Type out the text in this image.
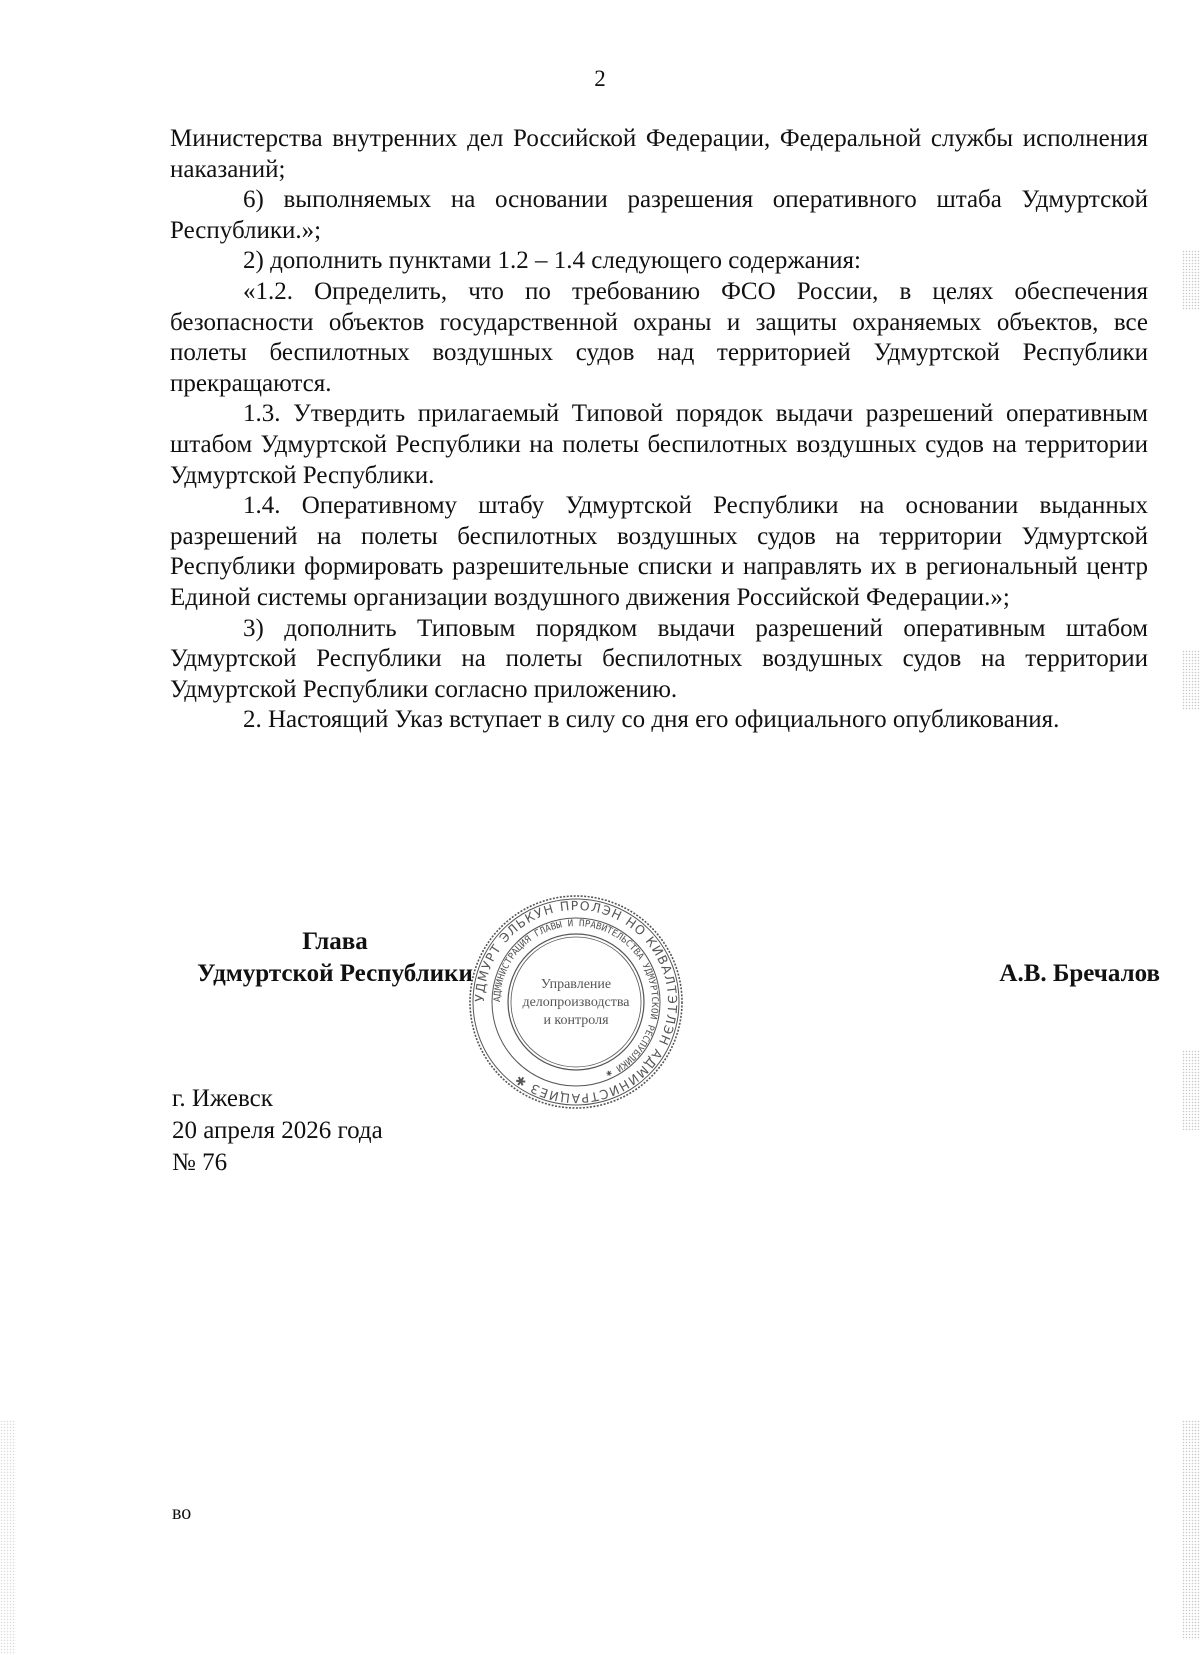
2

Министерства внутренних дел Российской Федерации, Федеральной службы исполнения наказаний;

6) выполняемых на основании разрешения оперативного штаба Удмуртской Республики.»;

2) дополнить пунктами 1.2 – 1.4 следующего содержания:

«1.2. Определить, что по требованию ФСО России, в целях обеспечения безопасности объектов государственной охраны и защиты охраняемых объектов, все полеты беспилотных воздушных судов над территорией Удмуртской Республики прекращаются.

1.3. Утвердить прилагаемый Типовой порядок выдачи разрешений оперативным штабом Удмуртской Республики на полеты беспилотных воздушных судов на территории Удмуртской Республики.

1.4. Оперативному штабу Удмуртской Республики на основании выданных разрешений на полеты беспилотных воздушных судов на территории Удмуртской Республики формировать разрешительные списки и направлять их в региональный центр Единой системы организации воздушного движения Российской Федерации.»;

3) дополнить Типовым порядком выдачи разрешений оперативным штабом Удмуртской Республики на полеты беспилотных воздушных судов на территории Удмуртской Республики согласно приложению.

2. Настоящий Указ вступает в силу со дня его официального опубликования.

Глава
Удмуртской Республики
УДМУРТ ЭЛЬКУН ПРОЛЭН НО КИВАЛТЭТЛЭН АДМИНИСТРАЦИЕЗ ✱
АДМИНИСТРАЦИЯ ГЛАВЫ И ПРАВИТЕЛЬСТВА УДМУРТСКОЙ РЕСПУБЛИКИ ✱
Управление
делопроизводства
и контроля
А.В. Бречалов
г. Ижевск
20 апреля 2026 года
№ 76
во
